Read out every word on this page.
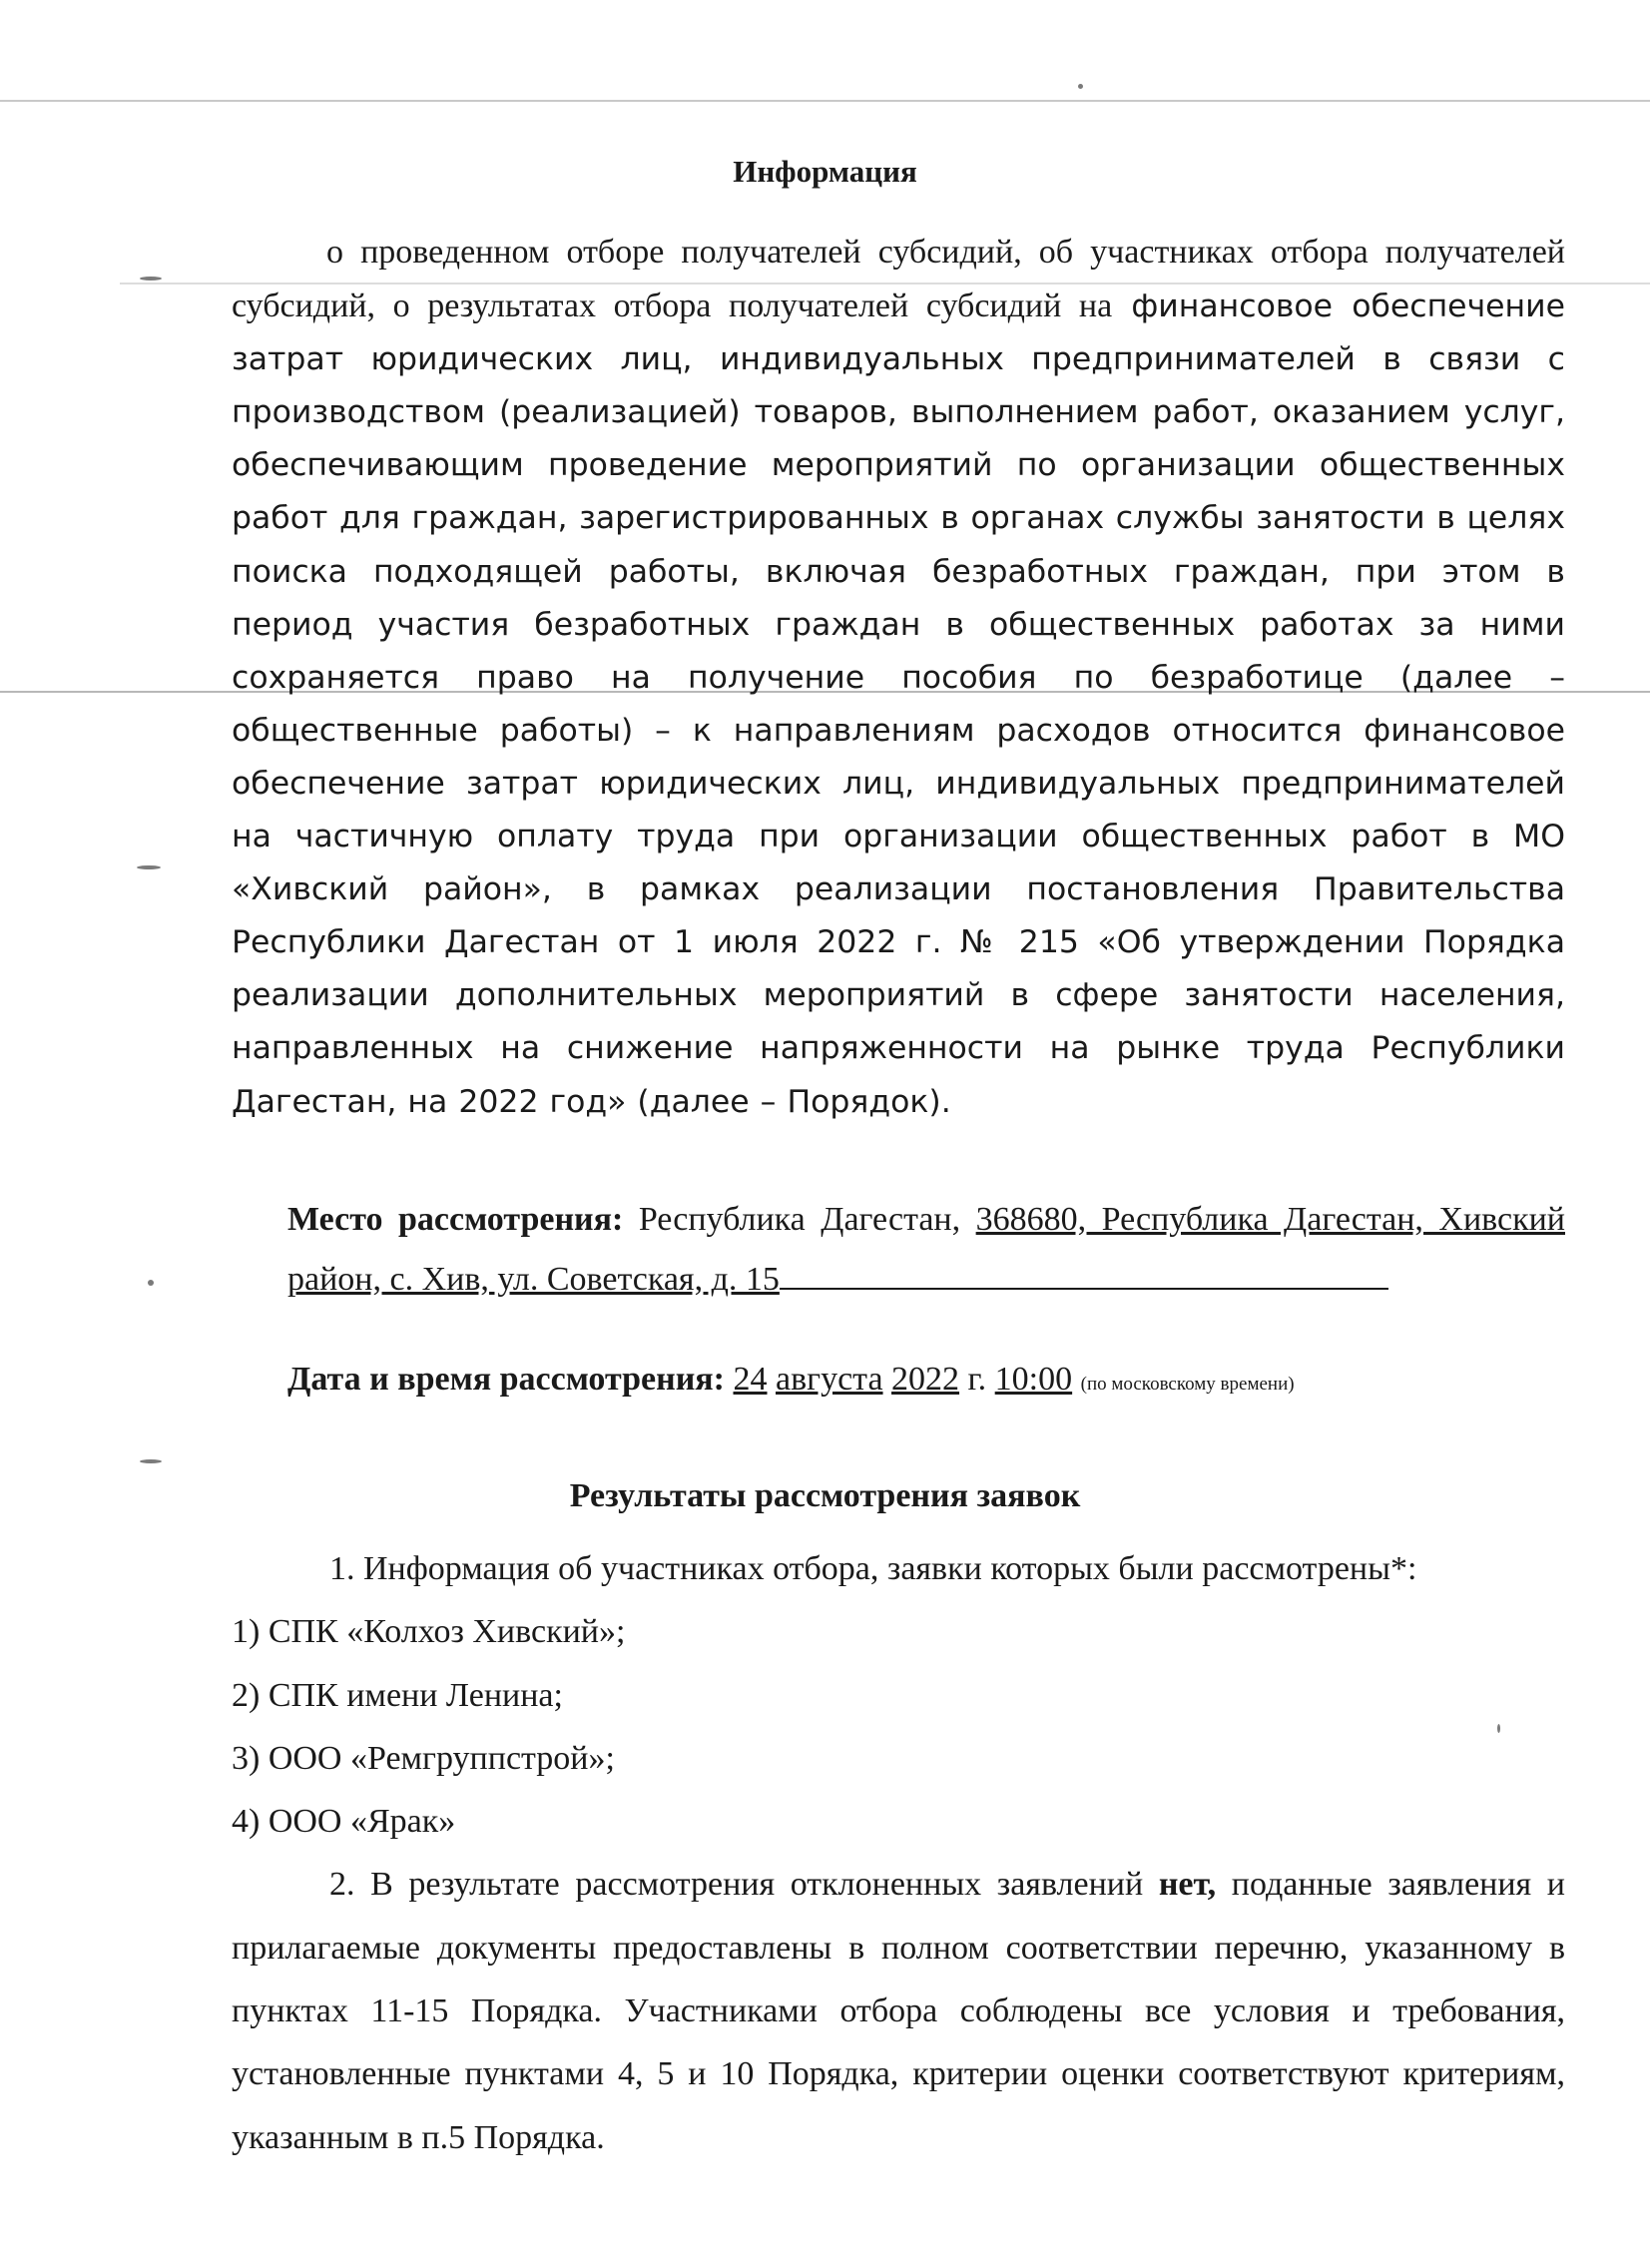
Информация
о проведенном отборе получателей субсидий, об участниках отбора получателей субсидий, о результатах отбора получателей субсидий на финансовое обеспечение затрат юридических лиц, индивидуальных предпринимателей в связи с производством (реализацией) товаров, выполнением работ, оказанием услуг, обеспечивающим проведение мероприятий по организации общественных работ для граждан, зарегистрированных в органах службы занятости в целях поиска подходящей работы, включая безработных граждан, при этом в период участия безработных граждан в общественных работах за ними сохраняется право на получение пособия по безработице (далее – общественные работы) – к направлениям расходов относится финансовое обеспечение затрат юридических лиц, индивидуальных предпринимателей на частичную оплату труда при организации общественных работ в МО «Хивский район», в рамках реализации постановления Правительства Республики Дагестан от 1 июля 2022 г. № 215 «Об утверждении Порядка реализации дополнительных мероприятий в сфере занятости населения, направленных на снижение напряженности на рынке труда Республики Дагестан, на 2022 год» (далее – Порядок).
Место рассмотрения: Республика Дагестан, 368680, Республика Дагестан, Хивский район, с. Хив, ул. Советская, д. 15
Дата и время рассмотрения: 24 августа 2022 г. 10:00 (по московскому времени)
Результаты рассмотрения заявок

1. Информация об участниках отбора, заявки которых были рассмотрены*:

1) СПК «Колхоз Хивский»;

2) СПК имени Ленина;

3) ООО «Ремгруппстрой»;

4) ООО «Ярак»

2. В результате рассмотрения отклоненных заявлений нет, поданные заявления и прилагаемые документы предоставлены в полном соответствии перечню, указанному в пунктах 11-15 Порядка. Участниками отбора соблюдены все условия и требования, установленные пунктами 4, 5 и 10 Порядка, критерии оценки соответствуют критериям, указанным в п.5 Порядка.
